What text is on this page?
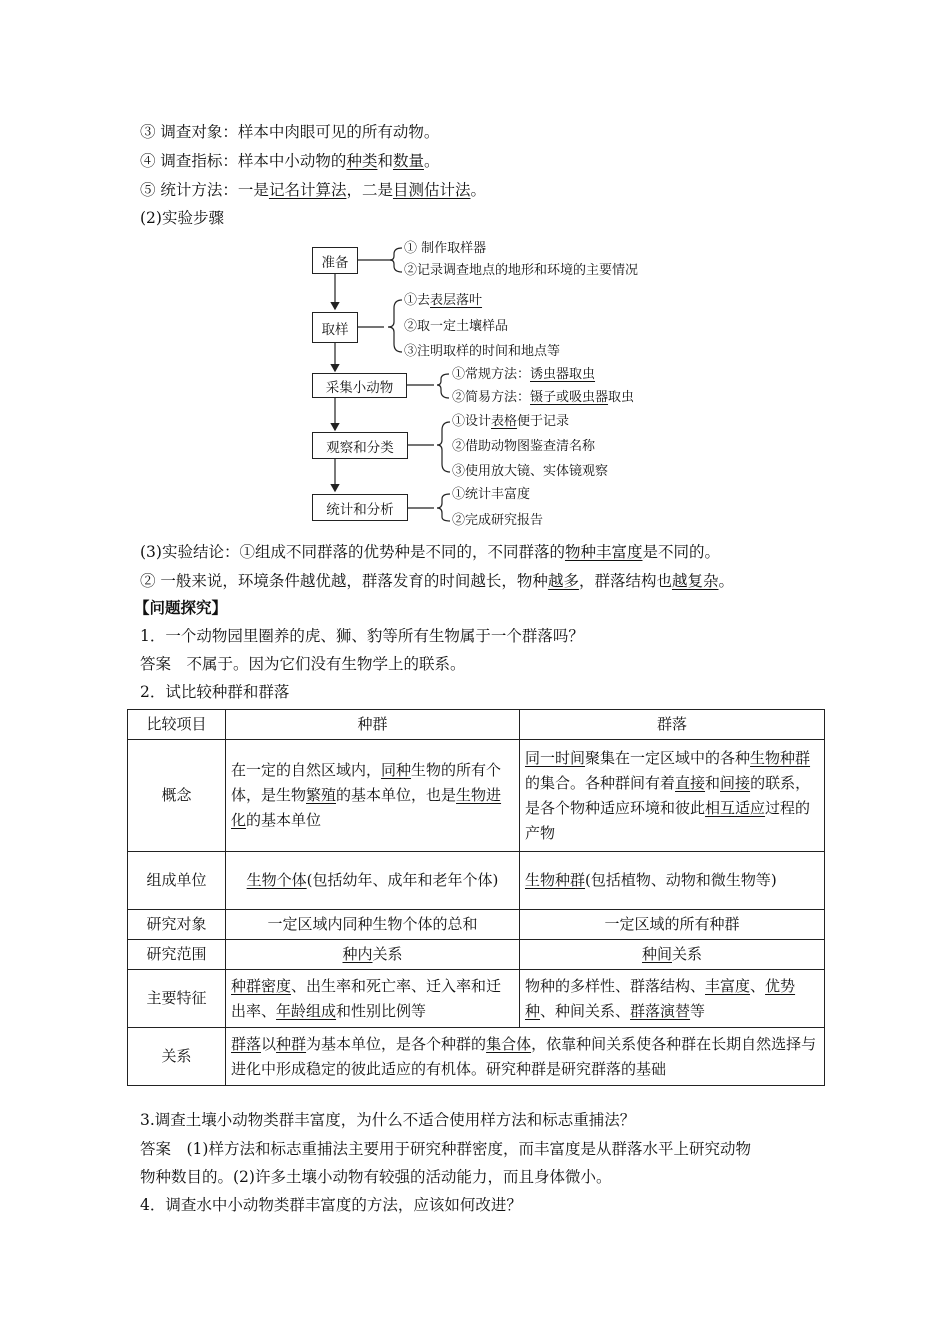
③ 调查对象：样本中肉眼可见的所有动物。
④ 调查指标：样本中小动物的种类和数量。
⑤ 统计方法：一是记名计算法，二是目测估计法。
(2)实验步骤
准备
取样
采集小动物
观察和分类
统计和分析
① 制作取样器
②记录调查地点的地形和环境的主要情况
①去表层落叶
②取一定土壤样品
③注明取样的时间和地点等
①常规方法：诱虫器取虫
②简易方法：镊子或吸虫器取虫
①设计表格便于记录
②借助动物图鉴查清名称
③使用放大镜、实体镜观察
①统计丰富度
②完成研究报告
(3)实验结论：①组成不同群落的优势种是不同的，不同群落的物种丰富度是不同的。
② 一般来说，环境条件越优越，群落发育的时间越长，物种越多，群落结构也越复杂。
【问题探究】
1．一个动物园里圈养的虎、狮、豹等所有生物属于一个群落吗？
答案　不属于。因为它们没有生物学上的联系。
2．试比较种群和群落
比较项目	种群	群落
概念	在一定的自然区域内，同种生物的所有个体，是生物繁殖的基本单位，也是生物进化的基本单位	同一时间聚集在一定区域中的各种生物种群的集合。各种群间有着直接和间接的联系，是各个物种适应环境和彼此相互适应过程的产物
组成单位	生物个体(包括幼年、成年和老年个体)	生物种群(包括植物、动物和微生物等)
研究对象	一定区域内同种生物个体的总和	一定区域的所有种群
研究范围	种内关系	种间关系
主要特征	种群密度、出生率和死亡率、迁入率和迁出率、年龄组成和性别比例等	物种的多样性、群落结构、丰富度、优势种、种间关系、群落演替等
关系	群落以种群为基本单位，是各个种群的集合体，依靠种间关系使各种群在长期自然选择与进化中形成稳定的彼此适应的有机体。研究种群是研究群落的基础	
3.调查土壤小动物类群丰富度，为什么不适合使用样方法和标志重捕法？
答案　(1)样方法和标志重捕法主要用于研究种群密度，而丰富度是从群落水平上研究动物
物种数目的。(2)许多土壤小动物有较强的活动能力，而且身体微小。
4．调查水中小动物类群丰富度的方法，应该如何改进？
